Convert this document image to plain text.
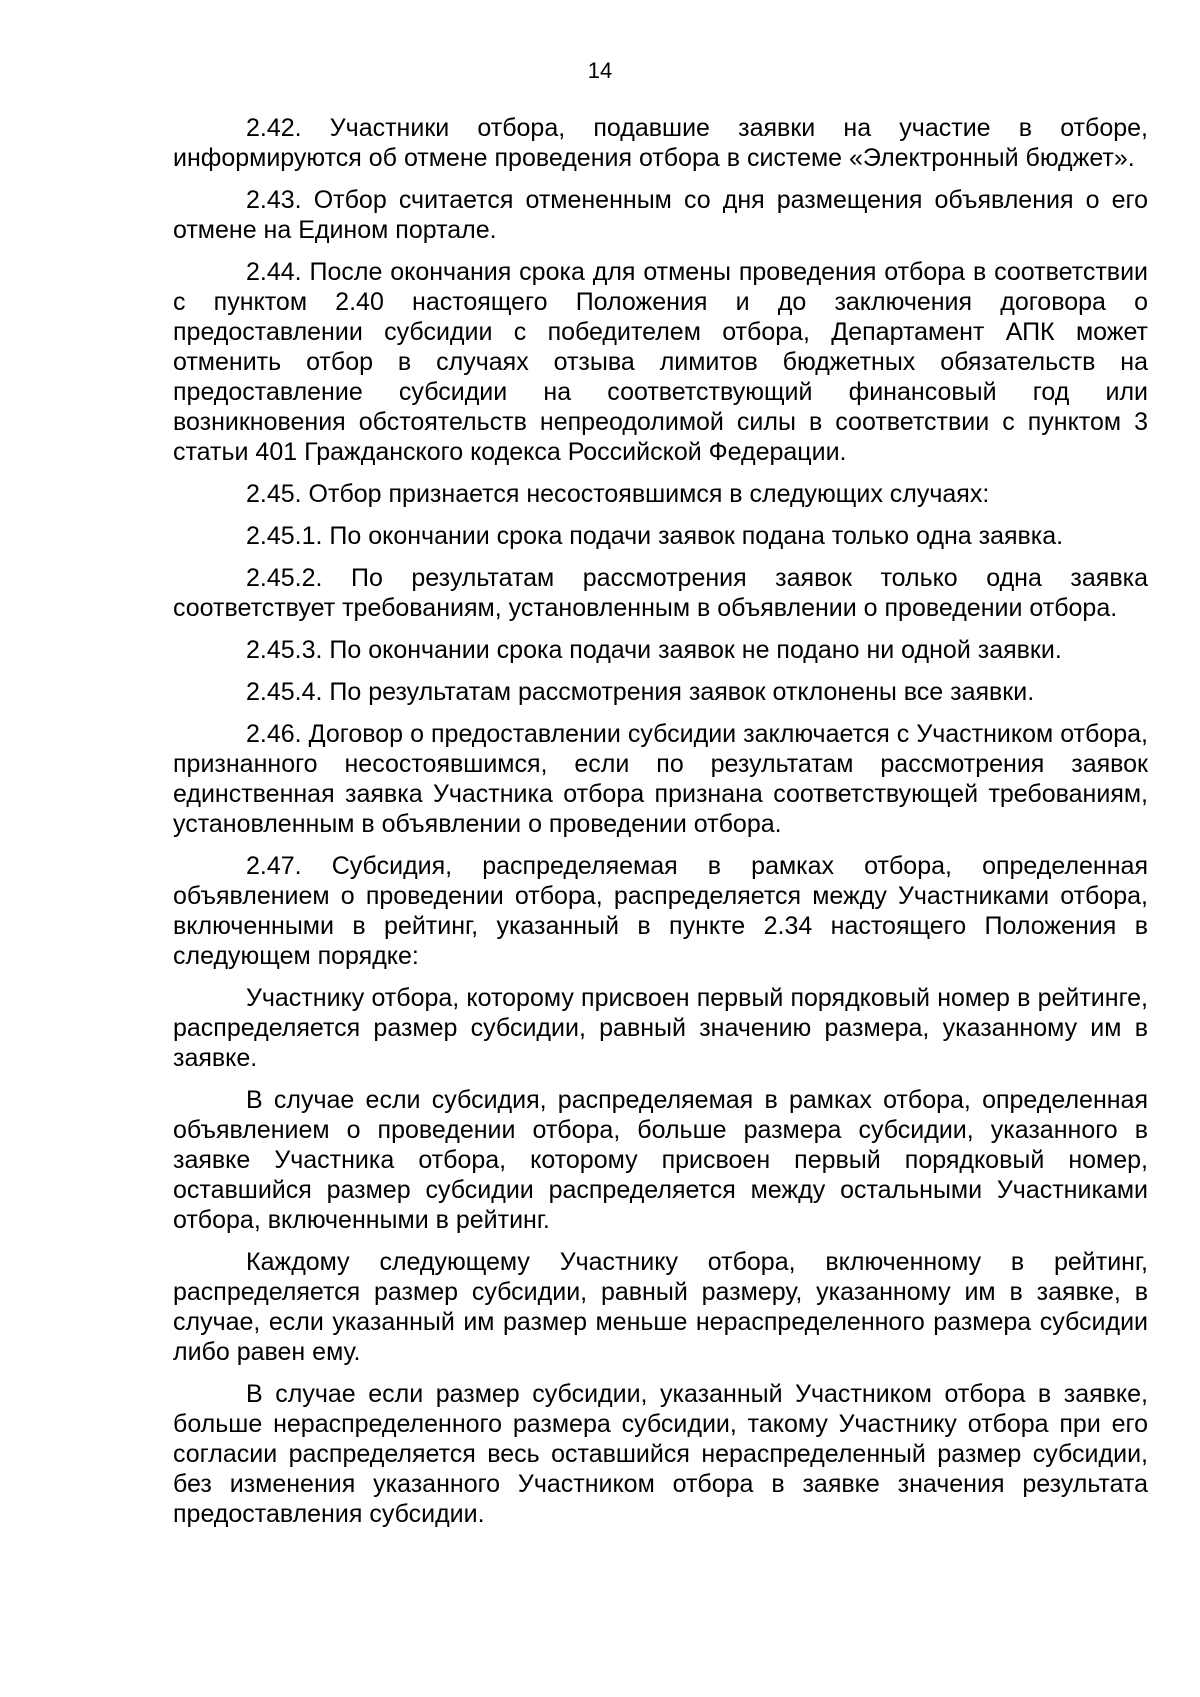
14

2.42. Участники отбора, подавшие заявки на участие в отборе, информируются об отмене проведения отбора в системе «Электронный бюджет».

2.43. Отбор считается отмененным со дня размещения объявления о его отмене на Едином портале.

2.44. После окончания срока для отмены проведения отбора в соответствии с пунктом 2.40 настоящего Положения и до заключения договора о предоставлении субсидии с победителем отбора, Департамент АПК может отменить отбор в случаях отзыва лимитов бюджетных обязательств на предоставление субсидии на соответствующий финансовый год или возникновения обстоятельств непреодолимой силы в соответствии с пунктом 3 статьи 401 Гражданского кодекса Российской Федерации.

2.45. Отбор признается несостоявшимся в следующих случаях:

2.45.1. По окончании срока подачи заявок подана только одна заявка.

2.45.2. По результатам рассмотрения заявок только одна заявка соответствует требованиям, установленным в объявлении о проведении отбора.

2.45.3. По окончании срока подачи заявок не подано ни одной заявки.

2.45.4. По результатам рассмотрения заявок отклонены все заявки.

2.46. Договор о предоставлении субсидии заключается с Участником отбора, признанного несостоявшимся, если по результатам рассмотрения заявок единственная заявка Участника отбора признана соответствующей требованиям, установленным в объявлении о проведении отбора.

2.47. Субсидия, распределяемая в рамках отбора, определенная объявлением о проведении отбора, распределяется между Участниками отбора, включенными в рейтинг, указанный в пункте 2.34 настоящего Положения в следующем порядке:

Участнику отбора, которому присвоен первый порядковый номер в рейтинге, распределяется размер субсидии, равный значению размера, указанному им в заявке.

В случае если субсидия, распределяемая в рамках отбора, определенная объявлением о проведении отбора, больше размера субсидии, указанного в заявке Участника отбора, которому присвоен первый порядковый номер, оставшийся размер субсидии распределяется между остальными Участниками отбора, включенными в рейтинг.

Каждому следующему Участнику отбора, включенному в рейтинг, распределяется размер субсидии, равный размеру, указанному им в заявке, в случае, если указанный им размер меньше нераспределенного размера субсидии либо равен ему.

В случае если размер субсидии, указанный Участником отбора в заявке, больше нераспределенного размера субсидии, такому Участнику отбора при его согласии распределяется весь оставшийся нераспределенный размер субсидии, без изменения указанного Участником отбора в заявке значения результата предоставления субсидии.
